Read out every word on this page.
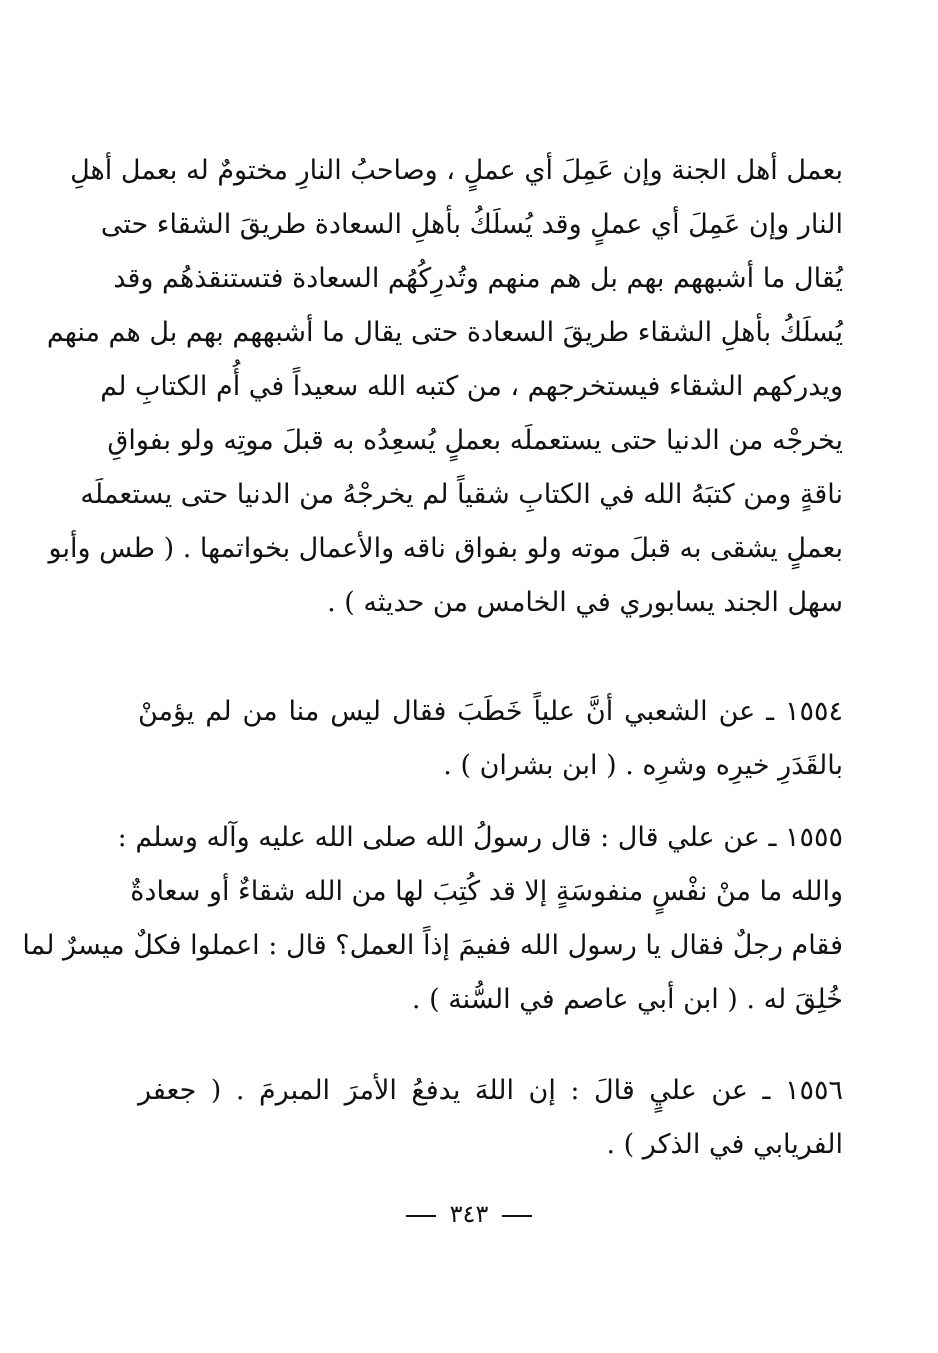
بعمل أهل الجنة وإن عَمِلَ أي عملٍ ، وصاحبُ النارِ مختومٌ له بعمل أهلِ
النار وإن عَمِلَ أي عملٍ وقد يُسلَكُ بأهلِ السعادة طريقَ الشقاء حتى
يُقال ما أشبههم بهم بل هم منهم وتُدرِكُهُم السعادة فتستنقذهُم وقد
يُسلَكُ بأهلِ الشقاء طريقَ السعادة حتى يقال ما أشبههم بهم بل هم منهم
ويدركهم الشقاء فيستخرجهم ، من كتبه الله سعيداً في أُم الكتابِ لم
يخرجْه من الدنيا حتى يستعملَه بعملٍ يُسعِدُه به قبلَ موتِه ولو بفواقِ
ناقةٍ ومن كتبَهُ الله في الكتابِ شقياً لم يخرجْهُ من الدنيا حتى يستعملَه
بعملٍ يشقى به قبلَ موته ولو بفواق ناقه والأعمال بخواتمها . ( طس وأبو
سهل الجند يسابوري في الخامس من حديثه ) .
١٥٥٤ ـ عن الشعبي أنَّ علياً خَطَبَ فقال ليس منا من لم يؤمنْ
بالقَدَرِ خيرِه وشرِه . ( ابن بشران ) .
١٥٥٥ ـ عن علي قال : قال رسولُ الله صلى الله عليه وآله وسلم :
والله ما منْ نفْسٍ منفوسَةٍ إلا قد كُتِبَ لها من الله شقاءٌ أو سعادةٌ
فقام رجلٌ فقال يا رسول الله ففيمَ إذاً العمل؟ قال : اعملوا فكلٌ ميسرٌ لما
خُلِقَ له . ( ابن أبي عاصم في السُّنة ) .
١٥٥٦ ـ عن عليٍ قالَ : إن اللهَ يدفعُ الأمرَ المبرمَ . ( جعفر
الفريابي في الذكر ) .
٣٤٣
